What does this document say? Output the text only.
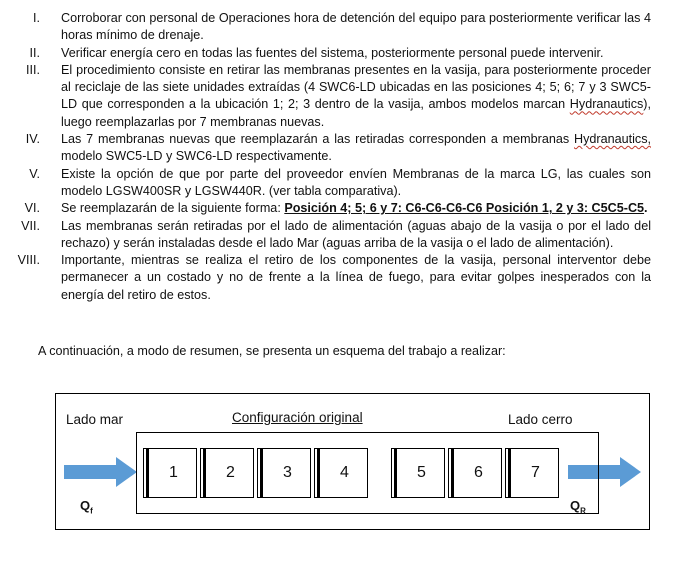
I. Corroborar con personal de Operaciones hora de detención del equipo para posteriormente verificar las 4 horas mínimo de drenaje.
II. Verificar energía cero en todas las fuentes del sistema, posteriormente personal puede intervenir.
III. El procedimiento consiste en retirar las membranas presentes en la vasija, para posteriormente proceder al reciclaje de las siete unidades extraídas (4 SWC6-LD ubicadas en las posiciones 4; 5; 6; 7 y 3 SWC5-LD que corresponden a la ubicación 1; 2; 3 dentro de la vasija, ambos modelos marcan Hydranautics), luego reemplazarlas por 7 membranas nuevas.
IV. Las 7 membranas nuevas que reemplazarán a las retiradas corresponden a membranas Hydranautics, modelo SWC5-LD y SWC6-LD respectivamente.
V. Existe la opción de que por parte del proveedor envíen Membranas de la marca LG, las cuales son modelo LGSW400SR y LGSW440R. (ver tabla comparativa).
VI. Se reemplazarán de la siguiente forma: Posición 4; 5; 6 y 7: C6-C6-C6-C6 Posición 1, 2 y 3: C5C5-C5.
VII. Las membranas serán retiradas por el lado de alimentación (aguas abajo de la vasija o por el lado del rechazo) y serán instaladas desde el lado Mar (aguas arriba de la vasija o el lado de alimentación).
VIII. Importante, mientras se realiza el retiro de los componentes de la vasija, personal interventor debe permanecer a un costado y no de frente a la línea de fuego, para evitar golpes inesperados con la energía del retiro de estos.
A continuación, a modo de resumen, se presenta un esquema del trabajo a realizar:
Lado mar	Configuración original	Lado cerro
1	2	3	4	5	6	7
$Q_f$	$Q_R$
